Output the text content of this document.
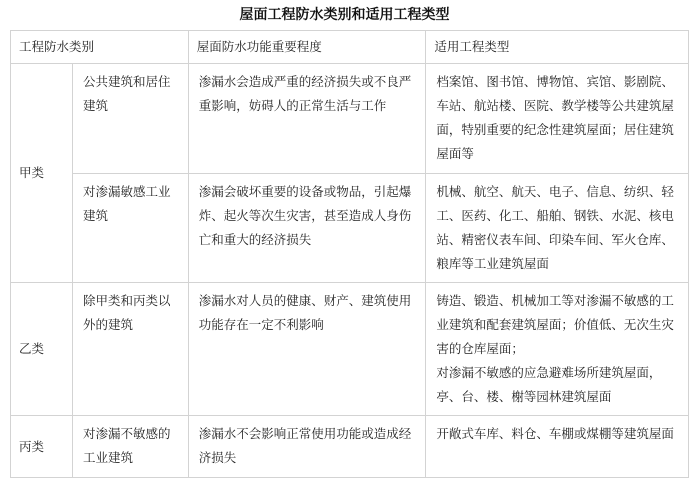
屋面工程防水类别和适用工程类型
工程防水类别		屋面防水功能重要程度	适用工程类型
甲类	公共建筑和居住建筑	渗漏水会造成严重的经济损失或不良严重影响，妨碍人的正常生活与工作	档案馆、图书馆、博物馆、宾馆、影剧院、车站、航站楼、医院、教学楼等公共建筑屋面，特别重要的纪念性建筑屋面；居住建筑屋面等
	对渗漏敏感工业建筑	渗漏会破坏重要的设备或物品，引起爆炸、起火等次生灾害，甚至造成人身伤亡和重大的经济损失	机械、航空、航天、电子、信息、纺织、轻工、医药、化工、船舶、钢铁、水泥、核电站、精密仪表车间、印染车间、军火仓库、粮库等工业建筑屋面
乙类	除甲类和丙类以外的建筑	渗漏水对人员的健康、财产、建筑使用功能存在一定不利影响	铸造、锻造、机械加工等对渗漏不敏感的工业建筑和配套建筑屋面；价值低、无次生灾害的仓库屋面；
对渗漏不敏感的应急避难场所建筑屋面，亭、台、楼、榭等园林建筑屋面

丙类	对渗漏不敏感的工业建筑	渗漏水不会影响正常使用功能或造成经济损失	开敞式车库、料仓、车棚或煤棚等建筑屋面
